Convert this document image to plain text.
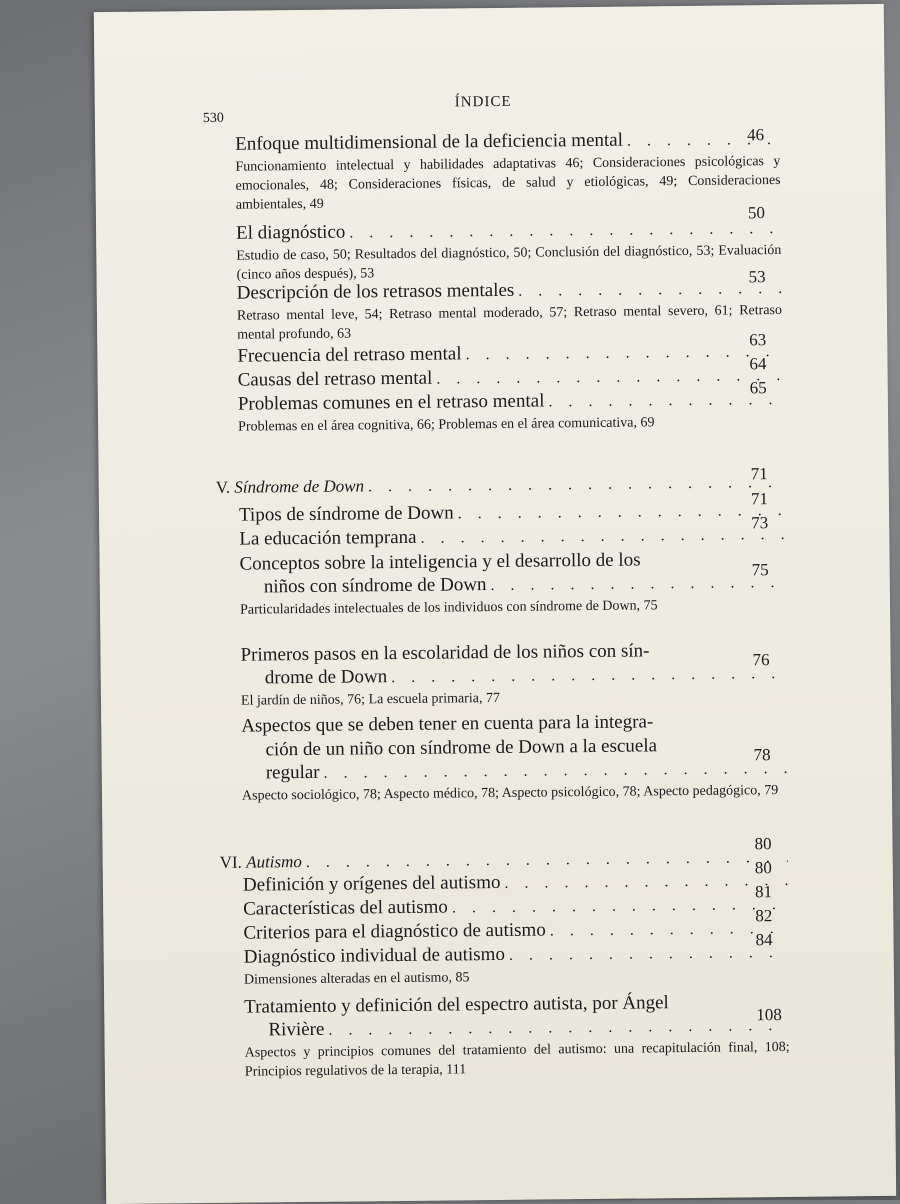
530
ÍNDICE
Enfoque multidimensional de la deficiencia mental
. . .
Funcionamiento intelectual y habilidades adaptativas 46; Consideraciones psicológicas y emocionales, 48; Consideraciones físicas, de salud y etiológicas, 49; Consideraciones ambientales, 49
46
El diagnóstico
. . .
Estudio de caso, 50; Resultados del diagnóstico, 50; Conclusión del diagnóstico, 53; Evaluación (cinco años después), 53
50
Descripción de los retrasos mentales
. . .
Retraso mental leve, 54; Retraso mental moderado, 57; Retraso mental severo, 61; Retraso mental profundo, 63
53
Frecuencia del retraso mental
. . .
63
Causas del retraso mental
. . .
64
Problemas comunes en el retraso mental
. . .
Problemas en el área cognitiva, 66; Problemas en el área comunicativa, 69
65
V. Síndrome de Down
. . .
71
Tipos de síndrome de Down
. . .
71
La educación temprana
. . .
73
Conceptos sobre la inteligencia y el desarrollo de los
niños con síndrome de Down
. . .
Particularidades intelectuales de los individuos con síndrome de Down, 75
75
Primeros pasos en la escolaridad de los niños con sín-
drome de Down
. . .
El jardín de niños, 76; La escuela primaria, 77
76
Aspectos que se deben tener en cuenta para la integra-
ción de un niño con síndrome de Down a la escuela
regular
. . .
Aspecto sociológico, 78; Aspecto médico, 78; Aspecto psicológico, 78; Aspecto pedagógico, 79
78
VI. Autismo
. . .
80
Definición y orígenes del autismo
. . .
80
Características del autismo
. . .
81
Criterios para el diagnóstico de autismo
. . .
82
Diagnóstico individual de autismo
. . .
Dimensiones alteradas en el autismo, 85
84
Tratamiento y definición del espectro autista, por Ángel
Rivière
. . .
Aspectos y principios comunes del tratamiento del autismo: una recapitulación final, 108; Principios regulativos de la terapia, 111
108
